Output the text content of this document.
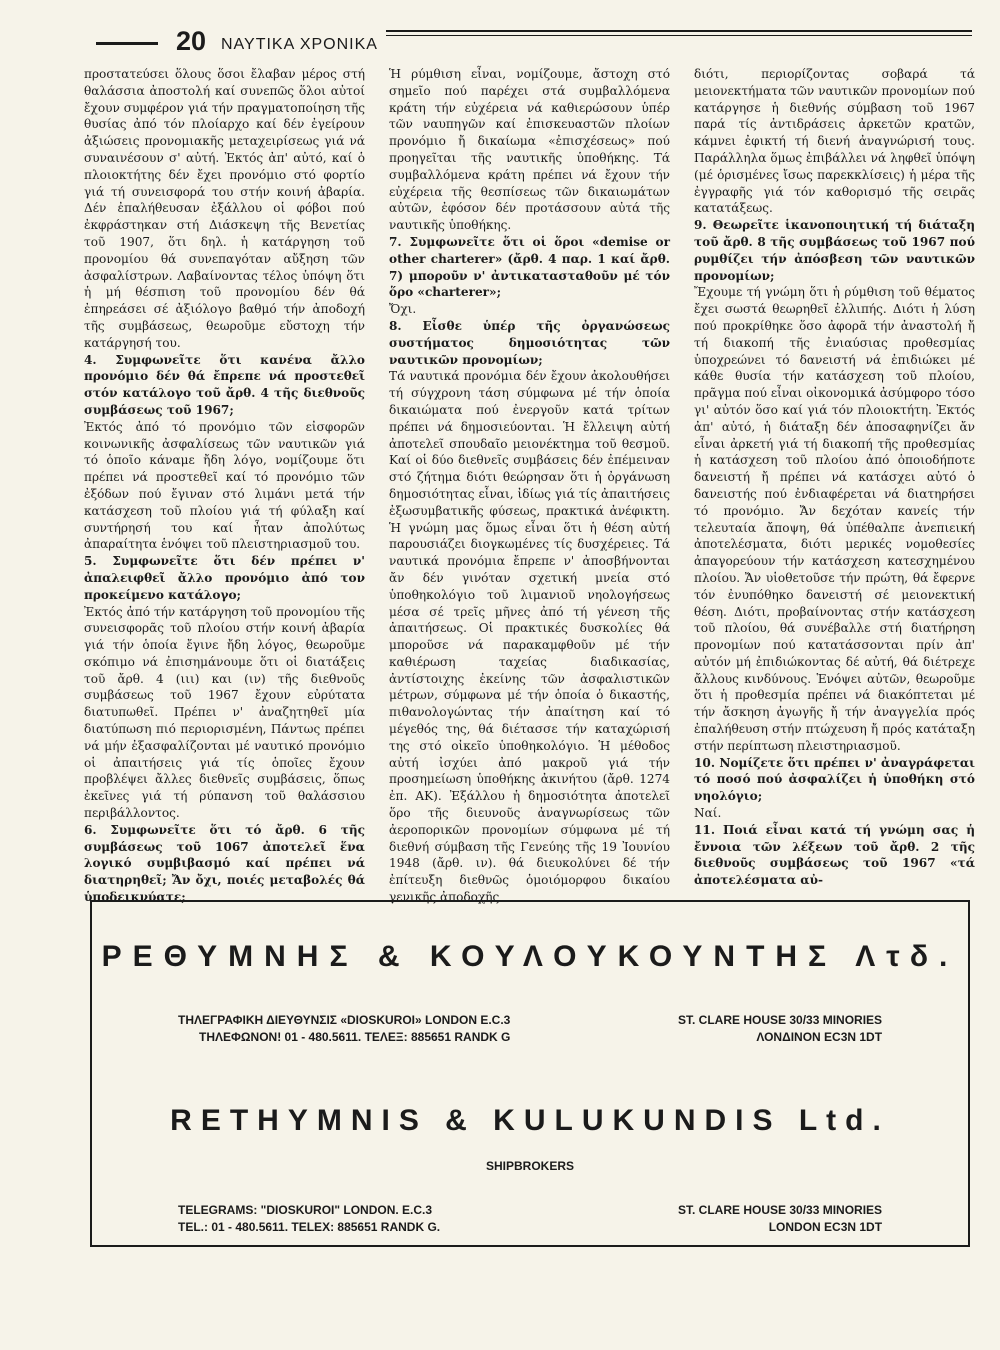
20 ΝΑΥΤΙΚΑ ΧΡΟΝΙΚΑ

προστατεύσει ὅλους ὅσοι ἔλαβαν μέρος στή θαλάσσια ἀποστολή καί συνεπῶς ὅλοι αὐτοί ἔχουν συμφέρον γιά τήν πραγματοποίηση τῆς θυσίας ἀπό τόν πλοίαρχο καί δέν ἐγείρουν ἀξιώσεις προνομιακῆς μεταχειρίσεως γιά νά συναινέσουν σ' αὐτή. Ἐκτός ἀπ' αὐτό, καί ὁ πλοιοκτήτης δέν ἔχει προνόμιο στό φορτίο γιά τή συνεισφορά του στήν κοινή ἀβαρία. Δέν ἐπαλήθευσαν ἐξάλλου οἱ φόβοι πού ἐκφράστηκαν στή Διάσκεψη τῆς Βενετίας τοῦ 1907, ὅτι δηλ. ἡ κατάργηση τοῦ προνομίου θά συνεπαγόταν αὔξηση τῶν ἀσφαλίστρων. Λαβαίνοντας τέλος ὑπόψη ὅτι ἡ μή θέσπιση τοῦ προνομίου δέν θά ἐπηρεάσει σέ ἀξιόλογο βαθμό τήν ἀποδοχή τῆς συμβάσεως, θεωροῦμε εὔστοχη τήν κατάργησή του.

4. Συμφωνεῖτε ὅτι κανένα ἄλλο προνόμιο δέν θά ἔπρεπε νά προστεθεῖ στόν κατάλογο τοῦ ἄρθ. 4 τῆς διεθνοῦς συμβάσεως τοῦ 1967;

Ἐκτός ἀπό τό προνόμιο τῶν εἰσφορῶν κοινωνικῆς ἀσφαλίσεως τῶν ναυτικῶν γιά τό ὁποῖο κάναμε ἤδη λόγο, νομίζουμε ὅτι πρέπει νά προστεθεῖ καί τό προνόμιο τῶν ἐξόδων πού ἔγιναν στό λιμάνι μετά τήν κατάσχεση τοῦ πλοίου γιά τή φύλαξη καί συντήρησή του καί ἦταν ἀπολύτως ἀπαραίτητα ἑνόψει τοῦ πλειστηριασμοῦ του.

5. Συμφωνεῖτε ὅτι δέν πρέπει ν' ἀπαλειφθεῖ ἄλλο προνόμιο ἀπό τον προκείμενο κατάλογο;

Ἐκτός ἀπό τήν κατάργηση τοῦ προνομίου τῆς συνεισφορᾶς τοῦ πλοίου στήν κοινή ἀβαρία γιά τήν ὁποία ἔγινε ἤδη λόγος, θεωροῦμε σκόπιμο νά ἐπισημάνουμε ὅτι οἱ διατάξεις τοῦ ἄρθ. 4 (ιιι) και (ιν) τῆς διεθνοῦς συμβάσεως τοῦ 1967 ἔχουν εὐρύτατα διατυπωθεῖ. Πρέπει ν' ἀναζητηθεῖ μία διατύπωση πιό περιορισμένη, Πάντως πρέπει νά μήν ἐξασφαλίζονται μέ ναυτικό προνόμιο οἱ ἀπαιτήσεις γιά τίς ὁποῖες ἔχουν προβλέψει ἄλλες διεθνεῖς συμβάσεις, ὅπως ἐκεῖνες γιά τή ρύπανση τοῦ θαλάσσιου περιβάλλοντος.

6. Συμφωνεῖτε ὅτι τό ἄρθ. 6 τῆς συμβάσεως τοῦ 1067 ἀποτελεῖ ἕνα λογικό συμβιβασμό καί πρέπει νά διατηρηθεῖ; Ἄν ὄχι, ποιές μεταβολές θά ὑποδεικνύατε;

Ἡ ρύμθιση εἶναι, νομίζουμε, ἄστοχη στό σημεῖο πού παρέχει στά συμβαλλόμενα κράτη τήν εὐχέρεια νά καθιερώσουν ὑπέρ τῶν ναυπηγῶν καί ἐπισκευαστῶν πλοίων προνόμιο ἤ δικαίωμα «ἐπισχέσεως» πού προηγεῖται τῆς ναυτικῆς ὑποθήκης. Τά συμβαλλόμενα κράτη πρέπει νά ἔχουν τήν εὐχέρεια τῆς θεσπίσεως τῶν δικαιωμάτων αὐτῶν, ἐφόσον δέν προτάσσουν αὐτά τῆς ναυτικῆς ὑποθήκης.

7. Συμφωνεῖτε ὅτι οἱ ὅροι «demise or other charterer» (ἄρθ. 4 παρ. 1 καί ἄρθ. 7) μποροῦν ν' ἀντικατασταθοῦν μέ τόν ὅρο «charterer»;

Ὄχι.

8. Εἶσθε ὑπέρ τῆς ὀργανώσεως συστήματος δημοσιότητας τῶν ναυτικῶν προνομίων;

Τά ναυτικά προνόμια δέν ἔχουν ἀκολουθήσει τή σύγχρονη τάση σύμφωνα μέ τήν ὁποία δικαιώματα πού ἐνεργοῦν κατά τρίτων πρέπει νά δημοσιεύονται. Ἡ ἔλλειψη αὐτή ἀποτελεῖ σπουδαῖο μειονέκτημα τοῦ θεσμοῦ. Καί οἱ δύο διεθνεῖς συμβάσεις δέν ἐπέμειναν στό ζήτημα διότι θεώρησαν ὅτι ἡ ὀργάνωση δημοσιότητας εἶναι, ἰδίως γιά τίς ἀπαιτήσεις ἐξωσυμβατικῆς φύσεως, πρακτικά ἀνέφικτη. Ἡ γνώμη μας ὅμως εἶναι ὅτι ἡ θέση αὐτή παρουσιάζει διογκωμένες τίς δυσχέρειες. Τά ναυτικά προνόμια ἔπρεπε ν' ἀποσβήνονται ἄν δέν γινόταν σχετική μνεία στό ὑποθηκολόγιο τοῦ λιμανιοῦ νηολογήσεως μέσα σέ τρεῖς μῆνες ἀπό τή γένεση τῆς ἀπαιτήσεως. Οἱ πρακτικές δυσκολίες θά μποροῦσε νά παρακαμφθοῦν μέ τήν καθιέρωση ταχείας διαδικασίας, ἀντίστοιχης ἐκείνης τῶν ἀσφαλιστικῶν μέτρων, σύμφωνα μέ τήν ὁποία ὁ δικαστής, πιθανολογώντας τήν ἀπαίτηση καί τό μέγεθός της, θά διέτασσε τήν καταχώρισή της στό οἰκεῖο ὑποθηκολόγιο. Ἡ μέθοδος αὐτή ἰσχύει ἀπό μακροῦ γιά τήν προσημείωση ὑποθήκης ἀκινήτου (ἄρθ. 1274 ἐπ. ΑΚ). Ἐξάλλου ἡ δημοσιότητα ἀποτελεῖ ὅρο τῆς διευνοῦς ἀναγνωρίσεως τῶν ἀεροπορικῶν προνομίων σύμφωνα μέ τή διεθνή σύμβαση τῆς Γενεύης τῆς 19 Ἰουνίου 1948 (ἄρθ. ιν). θά διευκολύνει δέ τήν ἐπίτευξη διεθνῶς ὁμοιόμορφου δικαίου γενικῆς ἀποδοχῆς

διότι, περιορίζοντας σοβαρά τά μειονεκτήματα τῶν ναυτικῶν προνομίων πού κατάργησε ἡ διεθνής σύμβαση τοῦ 1967 παρά τίς ἀντιδράσεις ἀρκετῶν κρατῶν, κάμνει ἐφικτή τή διενή ἀναγνώρισή τους. Παράλληλα ὅμως ἐπιβάλλει νά ληφθεῖ ὑπόψη (μέ ὁρισμένες ἴσως παρεκκλίσεις) ἡ μέρα τῆς ἐγγραφῆς γιά τόν καθορισμό τῆς σειρᾶς κατατάξεως.

9. Θεωρεῖτε ἱκανοποιητική τή διάταξη τοῦ ἄρθ. 8 τῆς συμβάσεως τοῦ 1967 πού ρυμθίζει τήν ἀπόσβεση τῶν ναυτικῶν προνομίων;

Ἔχουμε τή γνώμη ὅτι ἡ ρύμθιση τοῦ θέματος ἔχει σωστά θεωρηθεῖ ἐλλιπής. Διότι ἡ λύση πού προκρίθηκε ὅσο ἀφορᾶ τήν ἀναστολή ἤ τή διακοπή τῆς ἐνιαύσιας προθεσμίας ὑποχρεώνει τό δανειστή νά ἐπιδιώκει μέ κάθε θυσία τήν κατάσχεση τοῦ πλοίου, πρᾶγμα πού εἶναι οἰκονομικά ἀσύμφορο τόσο γι' αὐτόν ὅσο καί γιά τόν πλοιοκτήτη. Ἐκτός ἀπ' αὐτό, ἡ διάταξη δέν ἀποσαφηνίζει ἄν εἶναι ἀρκετή γιά τή διακοπή τῆς προθεσμίας ἡ κατάσχεση τοῦ πλοίου ἀπό ὁποιοδήποτε δανειστή ἤ πρέπει νά κατάσχει αὐτό ὁ δανειστής πού ἐνδιαφέρεται νά διατηρήσει τό προνόμιο. Ἄν δεχόταν κανείς τήν τελευταία ἄποψη, θά ὑπέθαλπε ἀνεπιεική ἀποτελέσματα, διότι μερικές νομοθεσίες ἀπαγορεύουν τήν κατάσχεση κατεσχημένου πλοίου. Ἄν υἱοθετοῦσε τήν πρώτη, θά ἔφερνε τόν ἐνυπόθηκο δανειστή σέ μειονεκτική θέση. Διότι, προβαίνοντας στήν κατάσχεση τοῦ πλοίου, θά συνέβαλλε στή διατήρηση προνομίων πού κατατάσσονται πρίν ἀπ' αὐτόν μή ἐπιδιώκοντας δέ αὐτή, θά διέτρεχε ἄλλους κινδύνους. Ἑνόψει αὐτῶν, θεωροῦμε ὅτι ἡ προθεσμία πρέπει νά διακόπτεται μέ τήν ἄσκηση ἀγωγῆς ἤ τήν ἀναγγελία πρός ἐπαλήθευση στήν πτώχευση ἤ πρός κατάταξη στήν περίπτωση πλειστηριασμοῦ.

10. Νομίζετε ὅτι πρέπει ν' ἀναγράφεται τό ποσό πού ἀσφαλίζει ἡ ὑποθήκη στό νηολόγιο;

Ναί.

11. Ποιά εἶναι κατά τή γνώμη σας ἡ ἔννοια τῶν λέξεων τοῦ ἄρθ. 2 τῆς διεθνοῦς συμβάσεως τοῦ 1967 «τά ἀποτελέσματα αὐ-

ΡΕΘΥΜΝΗΣ & ΚΟΥΛΟΥΚΟΥΝΤΗΣ Λτδ.
ΤΗΛΕΓΡΑΦΙΚΗ ΔΙΕΥΘΥΝΣΙΣ «DIOSKUROI» LONDON E.C.3
ΤΗΛΕΦΩΝΟΝ! 01 - 480.5611. ΤΕΛΕΞ: 885651 RANDK G
ST. CLARE HOUSE 30/33 MINORIES
ΛΟΝΔΙΝΟΝ EC3N 1DT
RETHYMNIS & KULUKUNDIS Ltd.
SHIPBROKERS
TELEGRAMS: "DIOSKUROI" LONDON. E.C.3
TEL.: 01 - 480.5611. TELEX: 885651 RANDK G.
ST. CLARE HOUSE 30/33 MINORIES
LONDON EC3N 1DT
